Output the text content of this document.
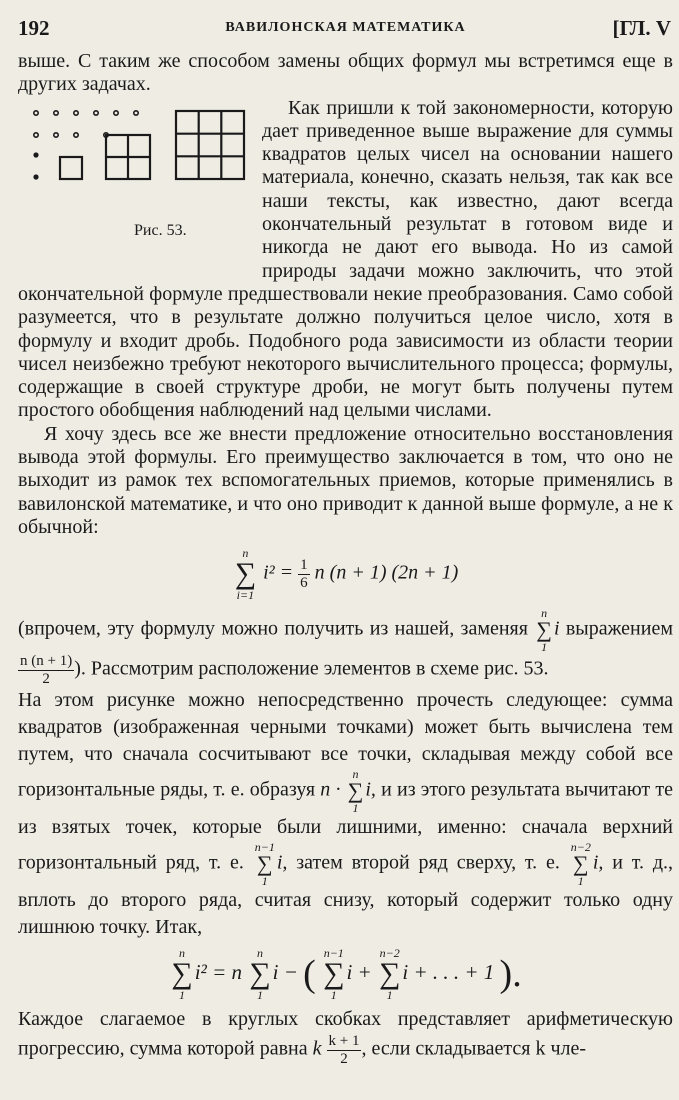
192	ВАВИЛОНСКАЯ МАТЕМАТИКА	[ГЛ. V

выше. С таким же способом замены общих формул мы встретимся еще в других задачах.

Рис. 53.
Как пришли к той закономерности, которую дает приведенное выше выражение для суммы квадратов целых чисел на основании нашего материала, конечно, сказать нельзя, так как все наши тексты, как известно, дают всегда окончательный результат в готовом виде и никогда не дают его вывода. Но из самой природы задачи можно заключить, что этой окончательной формуле предшествовали некие преобразования. Само собой разумеется, что в результате должно получиться целое число, хотя в формулу и входит дробь. Подобного рода зависимости из области теории чисел неизбежно требуют некоторого вычислительного процесса; формулы, содержащие в своей структуре дроби, не могут быть получены путем простого обобщения наблюдений над целыми числами.

Я хочу здесь все же внести предложение относительно восстановления вывода этой формулы. Его преимущество заключается в том, что оно не выходит из рамок тех вспомогательных приемов, которые применялись в вавилонской математике, и что оно приводит к данной выше формуле, а не к обычной:

n
∑
i=1
$i^2 = \frac{1}{6}$ n (n + 1) (2n + 1)

(впрочем, эту формулу можно получить из нашей, заменяя
n
∑
1
i выражением
$\frac{n (n + 1)}{2}$ ). Рассмотрим расположение элементов в схеме рис. 53.

На этом рисунке можно непосредственно прочесть следующее: сумма квадратов (изображенная черными точками) может быть вычислена тем путем, что сначала сосчитывают все точки, складывая между собой все горизонтальные ряды, т. е. образуя n ·
n
∑
1
i, и из этого результата вычитают те из взятых точек, которые были лишними, именно: сначала верхний горизонтальный ряд, т. е.
n−1
∑
1
i, затем второй ряд сверху, т. е.
n−2
∑
1
i, и т. д., вплоть до второго ряда, считая снизу, который содержит только одну лишнюю точку. Итак,

n
∑
1
i² = n
n
∑
1
i − ( n−1
∑
1
i +
n−2
∑
1
i + . . . + 1 ).

Каждое слагаемое в круглых скобках представляет арифметическую прогрессию, сумма которой равна k $\frac{k + 1}{2}$ , если складывается k чле-
